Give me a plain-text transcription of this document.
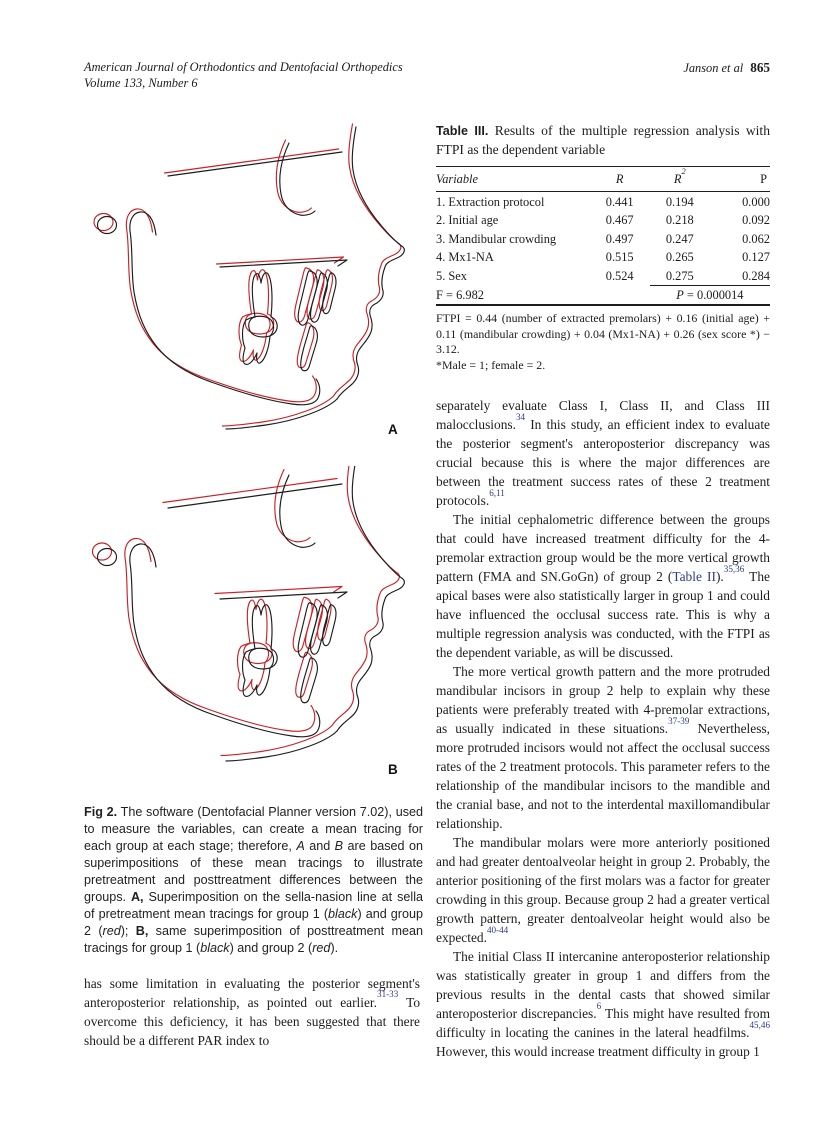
American Journal of Orthodontics and Dentofacial Orthopedics
Volume 133, Number 6
Janson et al 865
A
B
Fig 2. The software (Dentofacial Planner version 7.02), used to measure the variables, can create a mean tracing for each group at each stage; therefore, A and B are based on superimpositions of these mean tracings to illustrate pretreatment and posttreatment differences between the groups. A, Superimposition on the sella-nasion line at sella of pretreatment mean tracings for group 1 (black) and group 2 (red); B, same superimposition of posttreatment mean tracings for group 1 (black) and group 2 (red).

has some limitation in evaluating the posterior segment's anteroposterior relationship, as pointed out earlier.$^{31-33}$ To overcome this deficiency, it has been suggested that there should be a different PAR index to

Table III. Results of the multiple regression analysis with FTPI as the dependent variable
Variable	R	$R^2$	P
1. Extraction protocol	0.441	0.194	0.000
2. Initial age	0.467	0.218	0.092
3. Mandibular crowding	0.497	0.247	0.062
4. Mx1-NA	0.515	0.265	0.127
5. Sex	0.524	0.275	0.284
F = 6.982		P = 0.000014	
FTPI = 0.44 (number of extracted premolars) + 0.16 (initial age) + 0.11 (mandibular crowding) + 0.04 (Mx1-NA) + 0.26 (sex score *) − 3.12.
*Male = 1; female = 2.

separately evaluate Class I, Class II, and Class III malocclusions.$^{34}$ In this study, an efficient index to evaluate the posterior segment's anteroposterior discrepancy was crucial because this is where the major differences are between the treatment success rates of these 2 treatment protocols.$^{6,11}$

The initial cephalometric difference between the groups that could have increased treatment difficulty for the 4-premolar extraction group would be the more vertical growth pattern (FMA and SN.GoGn) of group 2 (Table II).$^{35,36}$ The apical bases were also statistically larger in group 1 and could have influenced the occlusal success rate. This is why a multiple regression analysis was conducted, with the FTPI as the dependent variable, as will be discussed.

The more vertical growth pattern and the more protruded mandibular incisors in group 2 help to explain why these patients were preferably treated with 4-premolar extractions, as usually indicated in these situations.$^{37-39}$ Nevertheless, more protruded incisors would not affect the occlusal success rates of the 2 treatment protocols. This parameter refers to the relationship of the mandibular incisors to the mandible and the cranial base, and not to the interdental maxillomandibular relationship.

The mandibular molars were more anteriorly positioned and had greater dentoalveolar height in group 2. Probably, the anterior positioning of the first molars was a factor for greater crowding in this group. Because group 2 had a greater vertical growth pattern, greater dentoalveolar height would also be expected.$^{40-44}$

The initial Class II intercanine anteroposterior relationship was statistically greater in group 1 and differs from the previous results in the dental casts that showed similar anteroposterior discrepancies.$^6$ This might have resulted from difficulty in locating the canines in the lateral headfilms.$^{45,46}$ However, this would increase treatment difficulty in group 1
